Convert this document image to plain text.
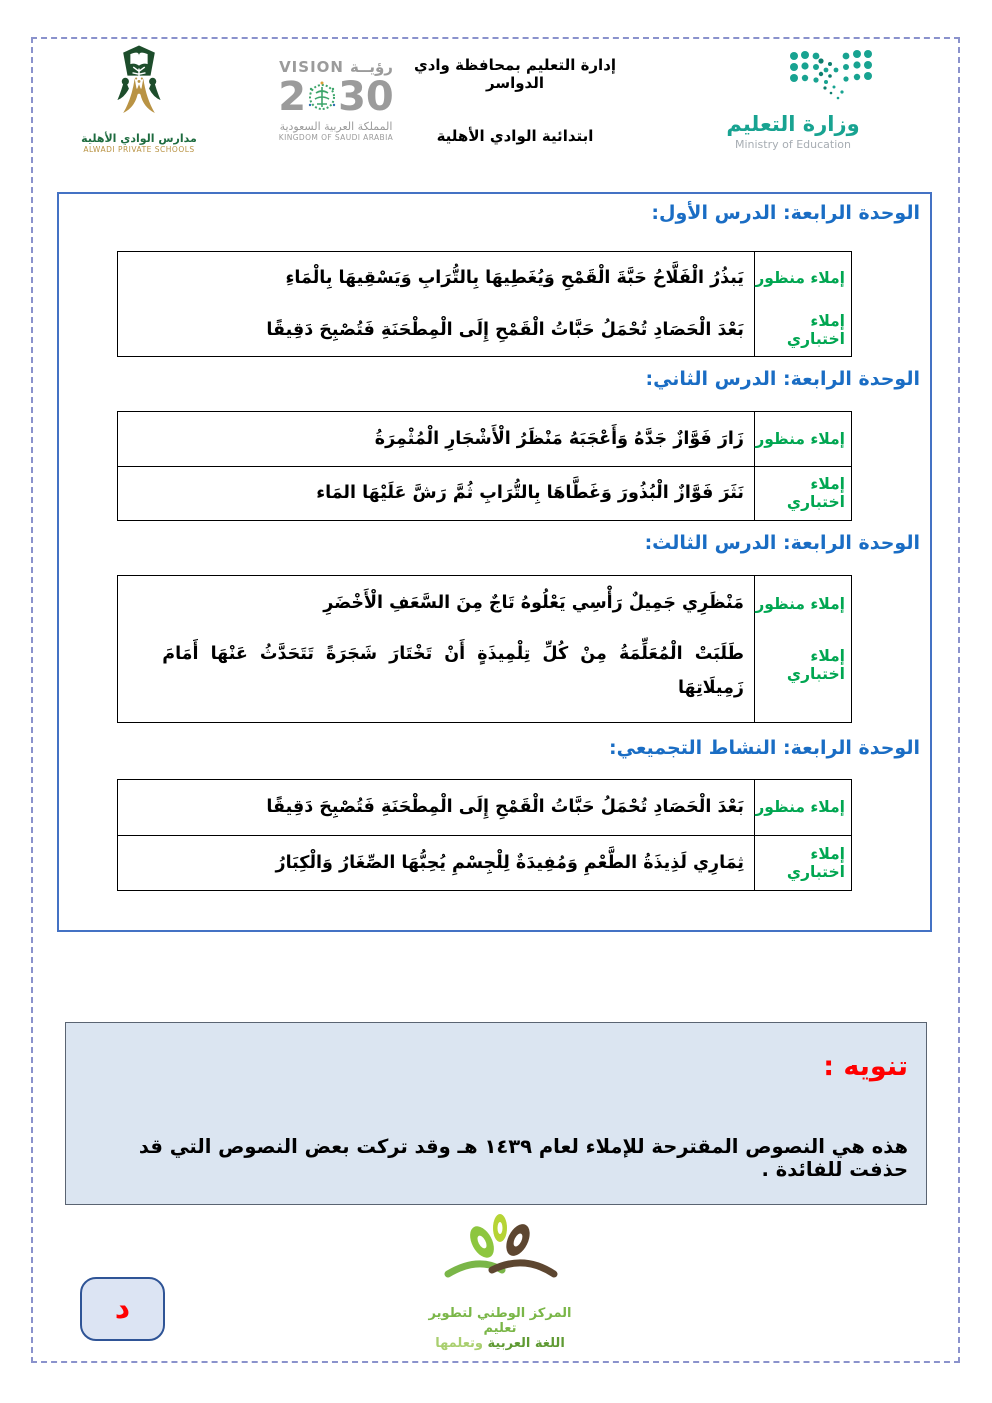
مدارس الوادي الأهلية
ALWADI PRIVATE SCHOOLS
VISION رؤيــة
2 30
المملكة العربية السعودية
KINGDOM OF SAUDI ARABIA
إدارة التعليم بمحافظة وادي الدواسر
ابتدائية الوادي الأهلية	وزارة التعليم
Ministry of Education
الوحدة الرابعة: الدرس الأول:
إملاء منظور
يَبذُرُ الْفَلَّاحُ حَبَّةَ الْقَمْحِ وَيُغَطِيهَا بِالتُّرَابِ وَيَسْقِيهَا بِالْمَاءِ
إملاء اختباري
بَعْدَ الْحَصَادِ تُحْمَلُ حَبَّاتُ الْقَمْحِ إِلَى الْمِطْحَنَةِ فَتُصْبِحَ دَقِيقًا
الوحدة الرابعة: الدرس الثاني:
إملاء منظور
زَارَ فَوَّازٌ جَدَّهُ وَأَعْجَبَهُ مَنْظَرُ الْأَشْجَارِ الْمُثْمِرَةُ
إملاء اختباري
نَثَرَ فَوَّازٌ الْبُذُورَ وَغَطَّاهَا بِالتُّرَابِ ثُمَّ رَشَّ عَلَيْهَا المَاء
الوحدة الرابعة: الدرس الثالث:
إملاء منظور
مَنْظَرِي جَمِيلٌ رَأْسِي يَعْلُوهُ تَاجٌ مِنَ السَّعَفِ الْأَخْضَرِ
إملاء اختباري
طَلَبَتْ الْمُعَلِّمَةُ مِنْ كُلِّ تِلْمِيذَةٍ أَنْ تَخْتَارَ شَجَرَةً تَتَحَدَّثُ عَنْهَا أَمَامَ زَمِيلَاتِهَا
الوحدة الرابعة: النشاط التجميعي:
إملاء منظور
بَعْدَ الْحَصَادِ تُحْمَلُ حَبَّاتُ الْقَمْحِ إِلَى الْمِطْحَنَةِ فَتُصْبِحَ دَقِيقًا
إملاء اختباري
ثِمَارِي لَذِيذَةُ الطَّعْمِ وَمُفِيدَةٌ لِلْجِسْمِ يُحِبُّهَا الصِّغَارُ وَالْكِبَارُ
تنويه :
هذه هي النصوص المقترحة للإملاء لعام ١٤٣٩ هـ وقد تركت بعض النصوص التي قد حذفت للفائدة .
المركز الوطني لتطوير تعليم
اللغة العربية وتعلمها
د
